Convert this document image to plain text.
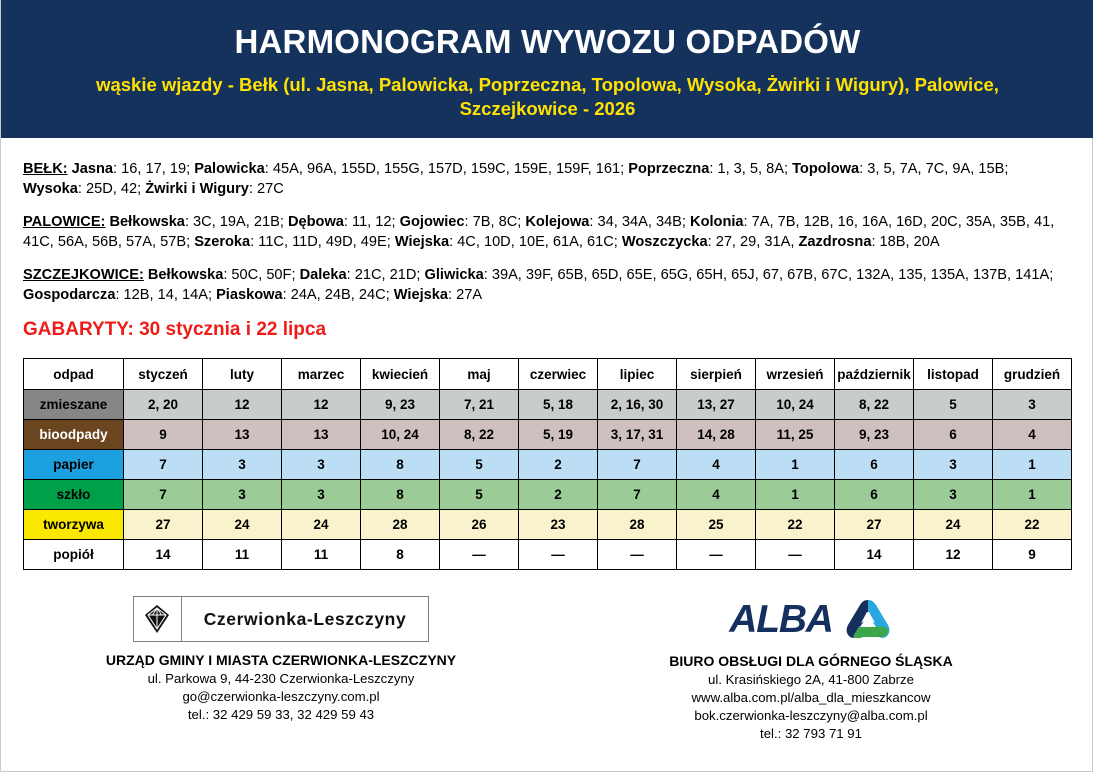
HARMONOGRAM WYWOZU ODPADÓW
wąskie wjazdy - Bełk (ul. Jasna, Palowicka, Poprzeczna, Topolowa, Wysoka, Żwirki i Wigury), Palowice, Szczejkowice - 2026
BEŁK: Jasna: 16, 17, 19; Palowicka: 45A, 96A, 155D, 155G, 157D, 159C, 159E, 159F, 161; Poprzeczna: 1, 3, 5, 8A; Topolowa: 3, 5, 7A, 7C, 9A, 15B; Wysoka: 25D, 42; Żwirki i Wigury: 27C
PALOWICE: Bełkowska: 3C, 19A, 21B; Dębowa: 11, 12; Gojowiec: 7B, 8C; Kolejowa: 34, 34A, 34B; Kolonia: 7A, 7B, 12B, 16, 16A, 16D, 20C, 35A, 35B, 41, 41C, 56A, 56B, 57A, 57B; Szeroka: 11C, 11D, 49D, 49E; Wiejska: 4C, 10D, 10E, 61A, 61C; Woszczycka: 27, 29, 31A, Zazdrosna: 18B, 20A
SZCZEJKOWICE: Bełkowska: 50C, 50F; Daleka: 21C, 21D; Gliwicka: 39A, 39F, 65B, 65D, 65E, 65G, 65H, 65J, 67, 67B, 67C, 132A, 135, 135A, 137B, 141A; Gospodarcza: 12B, 14, 14A; Piaskowa: 24A, 24B, 24C; Wiejska: 27A
GABARYTY: 30 stycznia i 22 lipca
odpad	styczeń	luty	marzec	kwiecień	maj	czerwiec	lipiec	sierpień	wrzesień	październik	listopad	grudzień
zmieszane	2, 20	12	12	9, 23	7, 21	5, 18	2, 16, 30	13, 27	10, 24	8, 22	5	3
bioodpady	9	13	13	10, 24	8, 22	5, 19	3, 17, 31	14, 28	11, 25	9, 23	6	4
papier	7	3	3	8	5	2	7	4	1	6	3	1
szkło	7	3	3	8	5	2	7	4	1	6	3	1
tworzywa	27	24	24	28	26	23	28	25	22	27	24	22
popiół	14	11	11	8	—	—	—	—	—	14	12	9
Czerwionka-Leszczyny
URZĄD GMINY I MIASTA CZERWIONKA-LESZCZYNY
ul. Parkowa 9, 44-230 Czerwionka-Leszczyny
go@czerwionka-leszczyny.com.pl
tel.: 32 429 59 33, 32 429 59 43
ALBA
BIURO OBSŁUGI DLA GÓRNEGO ŚLĄSKA
ul. Krasińskiego 2A, 41-800 Zabrze
www.alba.com.pl/alba_dla_mieszkancow
bok.czerwionka-leszczyny@alba.com.pl
tel.: 32 793 71 91
